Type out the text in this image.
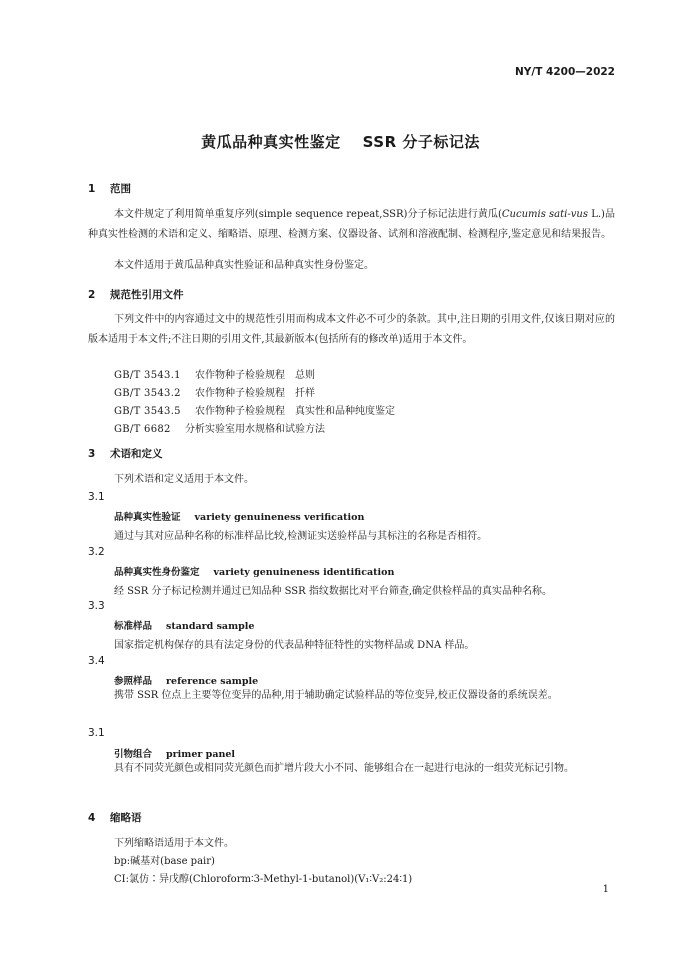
NY/T 4200—2022
黄瓜品种真实性鉴定 SSR 分子标记法
1 范围
本文件规定了利用简单重复序列(simple sequence repeat,SSR)分子标记法进行黄瓜(Cucumis sati-vus L.)品种真实性检测的术语和定义、缩略语、原理、检测方案、仪器设备、试剂和溶液配制、检测程序,鉴定意见和结果报告。
本文件适用于黄瓜品种真实性验证和品种真实性身份鉴定。
2 规范性引用文件
下列文件中的内容通过文中的规范性引用而构成本文件必不可少的条款。其中,注日期的引用文件,仅该日期对应的版本适用于本文件;不注日期的引用文件,其最新版本(包括所有的修改单)适用于本文件。
GB/T 3543.1 农作物种子检验规程　总则
GB/T 3543.2 农作物种子检验规程　扦样
GB/T 3543.5 农作物种子检验规程　真实性和品种纯度鉴定
GB/T 6682 分析实验室用水规格和试验方法
3 术语和定义
下列术语和定义适用于本文件。
3.1
品种真实性验证 variety genuineness verification
通过与其对应品种名称的标准样品比较,检测证实送验样品与其标注的名称是否相符。
3.2
品种真实性身份鉴定 variety genuineness identification
经 SSR 分子标记检测并通过已知品种 SSR 指纹数据比对平台筛查,确定供检样品的真实品种名称。
3.3
标准样品 standard sample
国家指定机构保存的具有法定身份的代表品种特征特性的实物样品或 DNA 样品。
3.4
参照样品 reference sample
携带 SSR 位点上主要等位变异的品种,用于辅助确定试验样品的等位变异,校正仪器设备的系统误差。
3.1
引物组合 primer panel
具有不同荧光颜色或相同荧光颜色而扩增片段大小不同、能够组合在一起进行电泳的一组荧光标记引物。
4 缩略语
下列缩略语适用于本文件。
bp:碱基对(base pair)
CI:氯仿∶异戊醇(Chloroform∶3-Methyl-1-butanol)(V₁∶V₂:24∶1)
1
